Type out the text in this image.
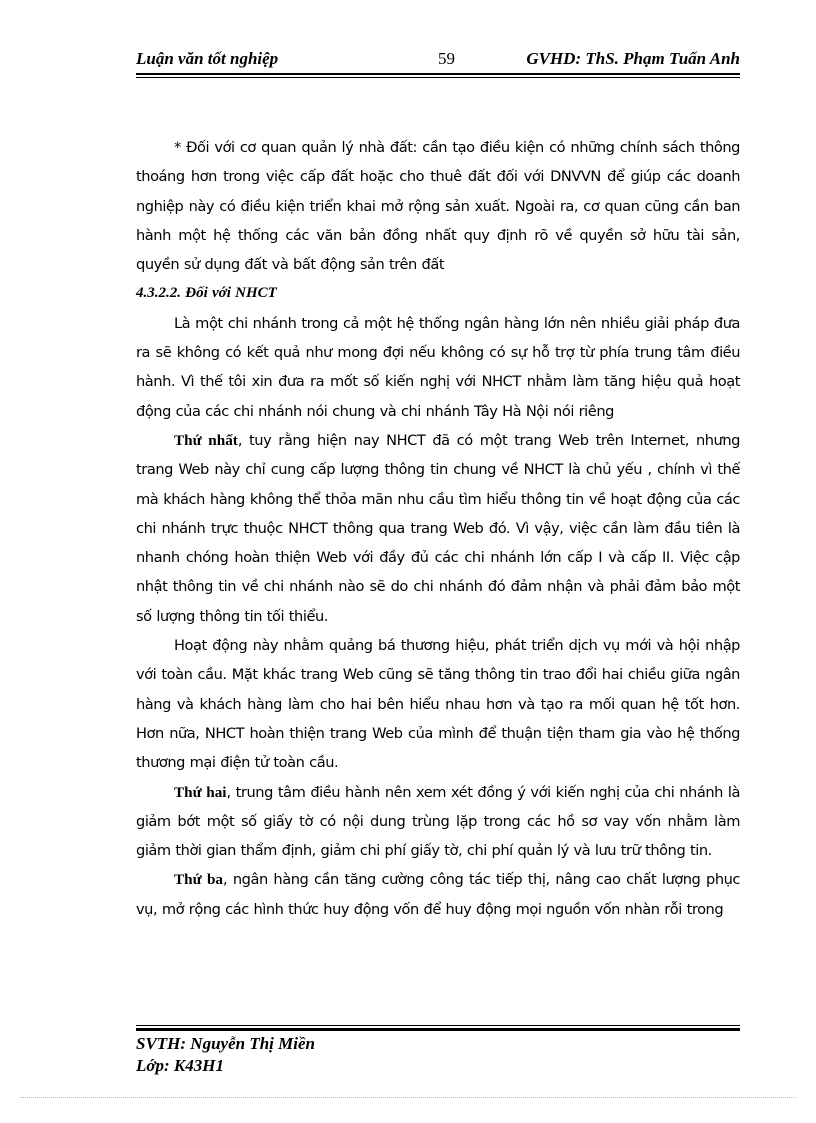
Luận văn tốt nghiệp	59	GVHD: ThS. Phạm Tuấn Anh

* Đối với cơ quan quản lý nhà đất: cần tạo điều kiện có những chính sách thông thoáng hơn trong việc cấp đất hoặc cho thuê đất đối với DNVVN để giúp các doanh nghiệp này có điều kiện triển khai mở rộng sản xuất. Ngoài ra, cơ quan cũng cần ban hành một hệ thống các văn bản đồng nhất quy định rõ về quyền sở hữu tài sản, quyền sử dụng đất và bất động sản trên đất

4.3.2.2. Đối với NHCT

Là một chi nhánh trong cả một hệ thống ngân hàng lớn nên nhiều giải pháp đưa ra sẽ không có kết quả như mong đợi nếu không có sự hỗ trợ từ phía trung tâm điều hành. Vì thế tôi xin đưa ra mốt số kiến nghị với NHCT nhằm làm tăng hiệu quả hoạt động của các chi nhánh nói chung và chi nhánh Tây Hà Nội nói riêng

Thứ nhất, tuy rằng hiện nay NHCT đã có một trang Web trên Internet, nhưng trang Web này chỉ cung cấp lượng thông tin chung về NHCT là chủ yếu , chính vì thế mà khách hàng không thể thỏa mãn nhu cầu tìm hiểu thông tin về hoạt động của các chi nhánh trực thuộc NHCT thông qua trang Web đó. Vì vậy, việc cần làm đầu tiên là nhanh chóng hoàn thiện Web với đầy đủ các chi nhánh lớn cấp I và cấp II. Việc cập nhật thông tin về chi nhánh nào sẽ do chi nhánh đó đảm nhận và phải đảm bảo một số lượng thông tin tối thiểu.

Hoạt động này nhằm quảng bá thương hiệu, phát triển dịch vụ mới và hội nhập với toàn cầu. Mặt khác trang Web cũng sẽ tăng thông tin trao đổi hai chiều giữa ngân hàng và khách hàng làm cho hai bên hiểu nhau hơn và tạo ra mối quan hệ tốt hơn. Hơn nữa, NHCT hoàn thiện trang Web của mình để thuận tiện tham gia vào hệ thống thương mại điện tử toàn cầu.

Thứ hai, trung tâm điều hành nên xem xét đồng ý với kiến nghị của chi nhánh là giảm bớt một số giấy tờ có nội dung trùng lặp trong các hồ sơ vay vốn nhằm làm giảm thời gian thẩm định, giảm chi phí giấy tờ, chi phí quản lý và lưu trữ thông tin.

Thứ ba, ngân hàng cần tăng cường công tác tiếp thị, nâng cao chất lượng phục vụ, mở rộng các hình thức huy động vốn để huy động mọi nguồn vốn nhàn rỗi trong

SVTH: Nguyễn Thị Miền
Lớp: K43H1
